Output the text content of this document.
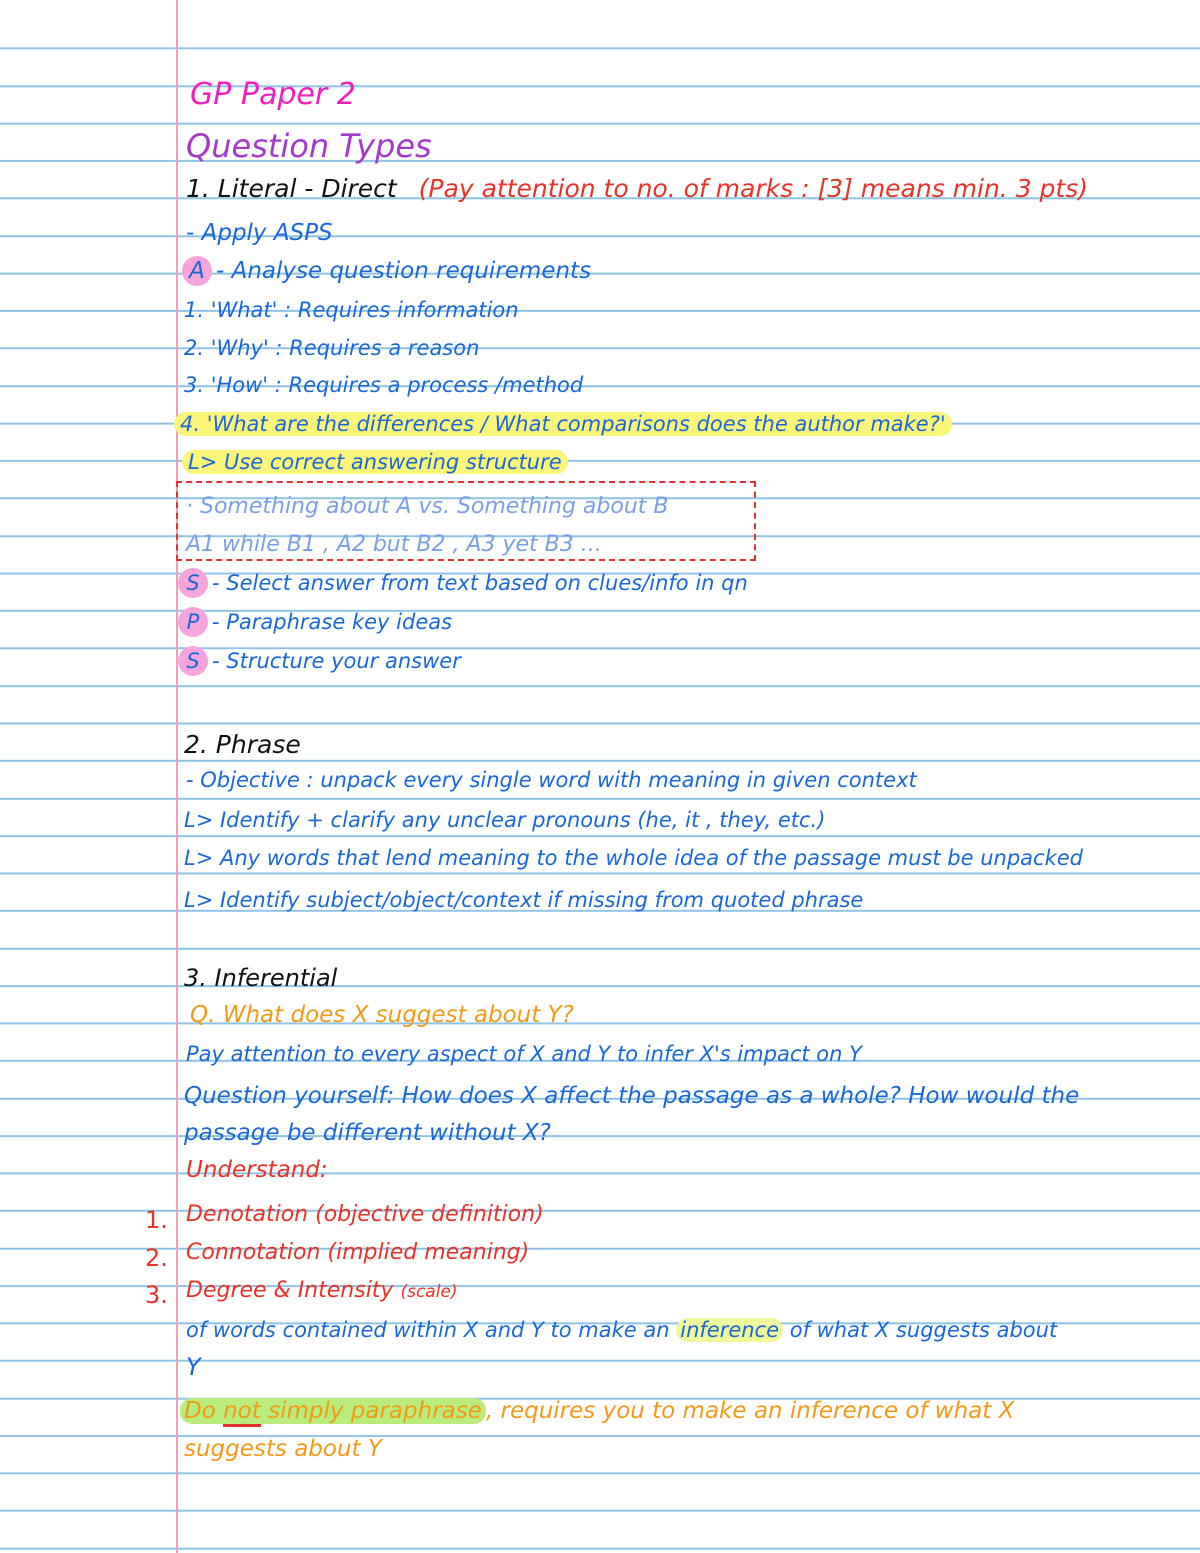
GP Paper 2
Question Types
1. Literal - Direct (Pay attention to no. of marks : [3] means min. 3 pts)
- Apply ASPS
A - Analyse question requirements
1. 'What' : Requires information
2. 'Why' : Requires a reason
3. 'How' : Requires a process /method
4. 'What are the differences / What comparisons does the author make?'
L> Use correct answering structure
· Something about A vs. Something about B
A1 while B1 , A2 but B2 , A3 yet B3 ...
S - Select answer from text based on clues/info in qn
P - Paraphrase key ideas
S - Structure your answer
2. Phrase
- Objective : unpack every single word with meaning in given context
L> Identify + clarify any unclear pronouns (he, it , they, etc.)
L> Any words that lend meaning to the whole idea of the passage must be unpacked
L> Identify subject/object/context if missing from quoted phrase
3. Inferential
Q. What does X suggest about Y?
Pay attention to every aspect of X and Y to infer X's impact on Y
Question yourself: How does X affect the passage as a whole? How would the
passage be different without X?
Understand:
1.
2.
3.
Denotation (objective definition)
Connotation (implied meaning)
Degree & Intensity (scale)
of words contained within X and Y to make an inference of what X suggests about
Y
Do not simply paraphrase , requires you to make an inference of what X
suggests about Y
